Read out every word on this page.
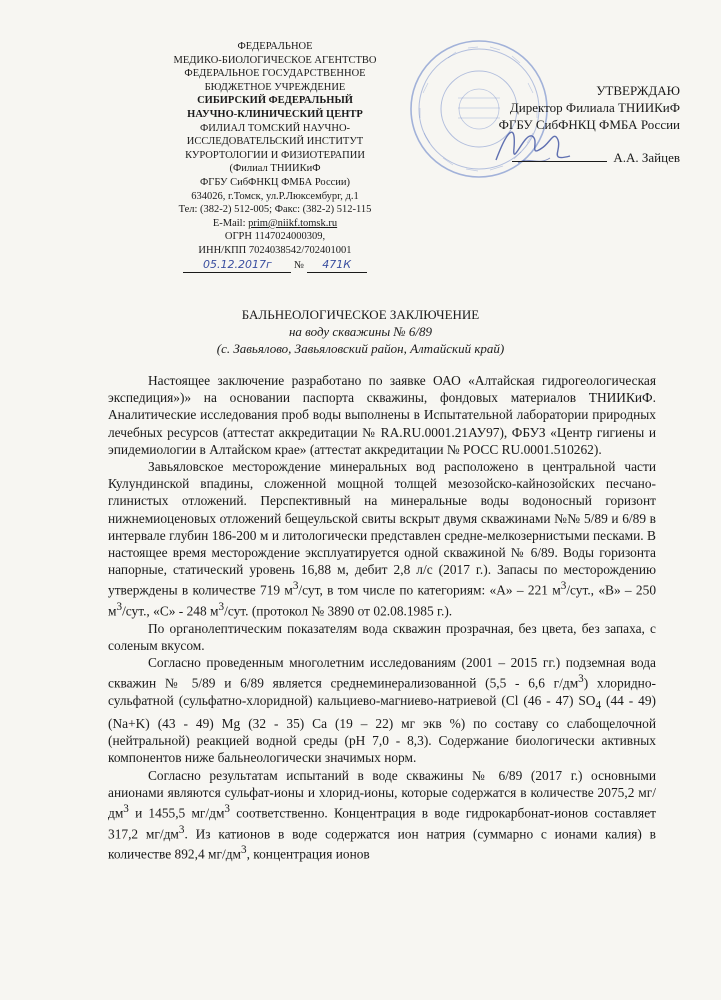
ФЕДЕРАЛЬНОЕ
МЕДИКО-БИОЛОГИЧЕСКОЕ АГЕНТСТВО
ФЕДЕРАЛЬНОЕ ГОСУДАРСТВЕННОЕ
БЮДЖЕТНОЕ УЧРЕЖДЕНИЕ
СИБИРСКИЙ ФЕДЕРАЛЬНЫЙ
НАУЧНО-КЛИНИЧЕСКИЙ ЦЕНТР
ФИЛИАЛ ТОМСКИЙ НАУЧНО-
ИССЛЕДОВАТЕЛЬСКИЙ ИНСТИТУТ
КУРОРТОЛОГИИ И ФИЗИОТЕРАПИИ
(Филиал ТНИИКиФ
ФГБУ СибФНКЦ ФМБА России)
634026, г.Томск, ул.Р.Люксембург, д.1
Тел: (382-2) 512-005; Факс: (382-2) 512-115
E-Mail: prim@niikf.tomsk.ru
ОГРН 1147024000309,
ИНН/КПП 7024038542/702401001
05.12.2017г № 471К
УТВЕРЖДАЮ
Директор Филиала ТНИИКиФ
ФГБУ СибФНКЦ ФМБА России
А.А. Зайцев
БАЛЬНЕОЛОГИЧЕСКОЕ ЗАКЛЮЧЕНИЕ
на воду скважины № 6/89
(с. Завьялово, Завьяловский район, Алтайский край)

Настоящее заключение разработано по заявке ОАО «Алтайская гидрогеологическая экспедиция»)» на основании паспорта скважины, фондовых материалов ТНИИКиФ. Аналитические исследования проб воды выполнены в Испытательной лаборатории природных лечебных ресурсов (аттестат аккредитации № RA.RU.0001.21АУ97), ФБУЗ «Центр гигиены и эпидемиологии в Алтайском крае» (аттестат аккредитации № РОСС RU.0001.510262).

Завьяловское месторождение минеральных вод расположено в центральной части Кулундинской впадины, сложенной мощной толщей мезозойско-кайнозойских песчано-глинистых отложений. Перспективный на минеральные воды водоносный горизонт нижнемиоценовых отложений бещеульской свиты вскрыт двумя скважинами №№ 5/89 и 6/89 в интервале глубин 186-200 м и литологически представлен средне-мелкозернистыми песками. В настоящее время месторождение эксплуатируется одной скважиной № 6/89. Воды горизонта напорные, статический уровень 16,88 м, дебит 2,8 л/с (2017 г.). Запасы по месторождению утверждены в количестве 719 $м^3$/сут, в том числе по категориям: «А» – 221 $м^3$/сут., «В» – 250 $м^3$/сут., «С» - 248 $м^3$/сут. (протокол № 3890 от 02.08.1985 г.).

По органолептическим показателям вода скважин прозрачная, без цвета, без запаха, с соленым вкусом.

Согласно проведенным многолетним исследованиям (2001 – 2015 гг.) подземная вода скважин № 5/89 и 6/89 является среднеминерализованной (5,5 - 6,6 $г/дм^3$) хлоридно-сульфатной (сульфатно-хлоридной) кальциево-магниево-натриевой (Cl (46 - 47) $SO_4$ (44 - 49) (Na+K) (43 - 49) Mg (32 - 35) Ca (19 – 22) мг экв %) по составу со слабощелочной (нейтральной) реакцией водной среды (рН 7,0 - 8,3). Содержание биологически активных компонентов ниже бальнеологически значимых норм.

Согласно результатам испытаний в воде скважины № 6/89 (2017 г.) основными анионами являются сульфат-ионы и хлорид-ионы, которые содержатся в количестве 2075,2 $мг/дм^3$ и 1455,5 $мг/дм^3$ соответственно. Концентрация в воде гидрокарбонат-ионов составляет 317,2 $мг/дм^3$. Из катионов в воде содержатся ион натрия (суммарно с ионами калия) в количестве 892,4 $мг/дм^3$, концентрация ионов
